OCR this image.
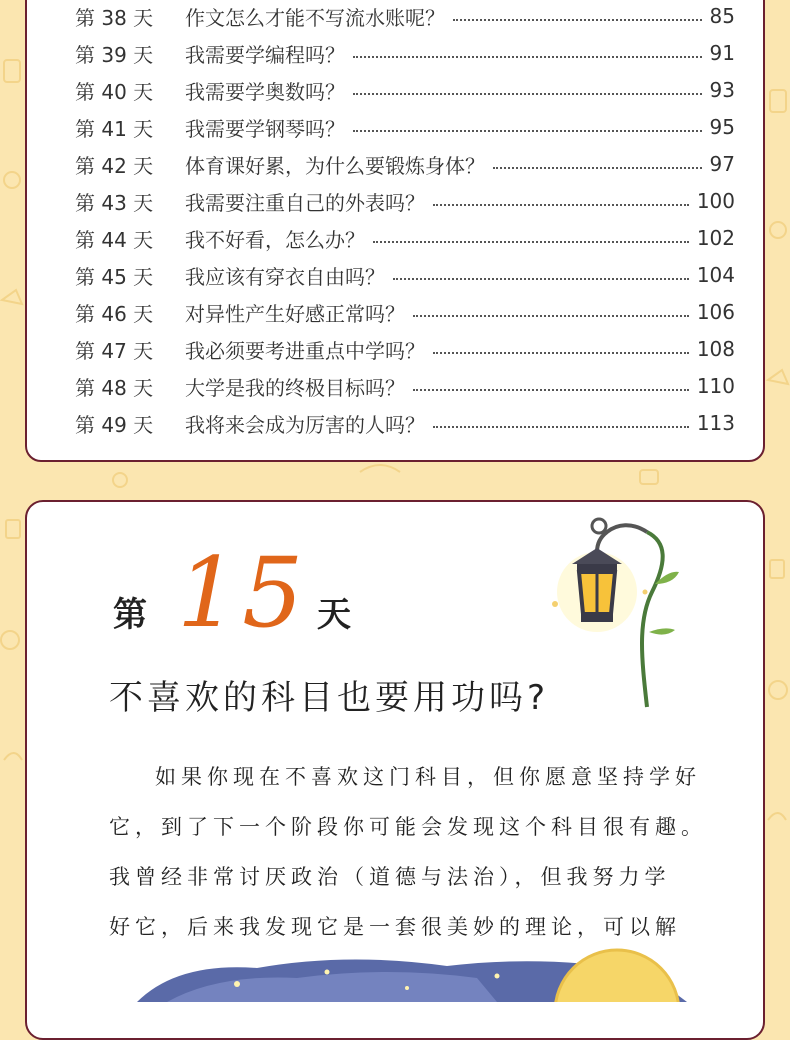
第 38 天	作文怎么才能不写流水账呢？	85
第 39 天	我需要学编程吗？	91
第 40 天	我需要学奥数吗？	93
第 41 天	我需要学钢琴吗？	95
第 42 天	体育课好累，为什么要锻炼身体？	97
第 43 天	我需要注重自己的外表吗？	100
第 44 天	我不好看，怎么办？	102
第 45 天	我应该有穿衣自由吗？	104
第 46 天	对异性产生好感正常吗？	106
第 47 天	我必须要考进重点中学吗？	108
第 48 天	大学是我的终极目标吗？	110
第 49 天	我将来会成为厉害的人吗？	113
第 15 天
不喜欢的科目也要用功吗?
如果你现在不喜欢这门科目，但你愿意坚持学好
它，到了下一个阶段你可能会发现这个科目很有趣。
我曾经非常讨厌政治（道德与法治），但我努力学
好它，后来我发现它是一套很美妙的理论，可以解
